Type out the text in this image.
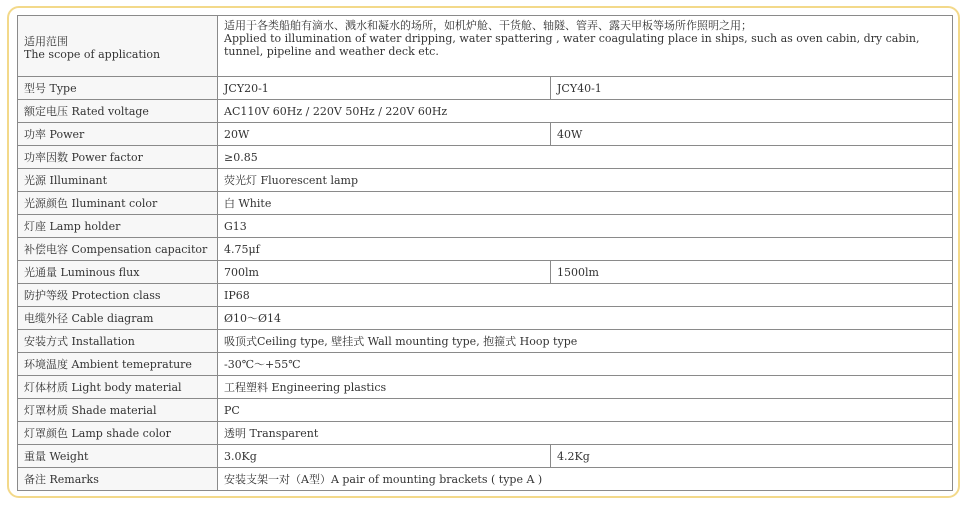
适用范围
The scope of application	适用于各类船舶有滴水、溅水和凝水的场所，如机炉舱、干货舱、轴隧、管弄、露天甲板等场所作照明之用；
Applied to illumination of water dripping, water spattering , water coagulating place in ships, such as oven cabin, dry cabin,
tunnel, pipeline and weather deck etc.	

型号 Type	JCY20-1	JCY40-1
额定电压 Rated voltage	AC110V 60Hz / 220V 50Hz / 220V 60Hz	
功率 Power	20W	40W
功率因数 Power factor	≥0.85	
光源 Illuminant	荧光灯 Fluorescent lamp	
光源颜色 Iluminant color	白 White	
灯座 Lamp holder	G13	
补偿电容 Compensation capacitor	4.75μf	
光通量 Luminous flux	700lm	1500lm
防护等级 Protection class	IP68	
电缆外径 Cable diagram	Ø10～Ø14	
安装方式 Installation	吸顶式Ceiling type, 壁挂式 Wall mounting type, 抱箍式 Hoop type	
环境温度 Ambient temeprature	-30℃～+55℃	
灯体材质 Light body material	工程塑料 Engineering plastics	
灯罩材质 Shade material	PC	
灯罩颜色 Lamp shade color	透明 Transparent	
重量 Weight	3.0Kg	4.2Kg
备注 Remarks	安装支架一对（A型）A pair of mounting brackets ( type A )	
